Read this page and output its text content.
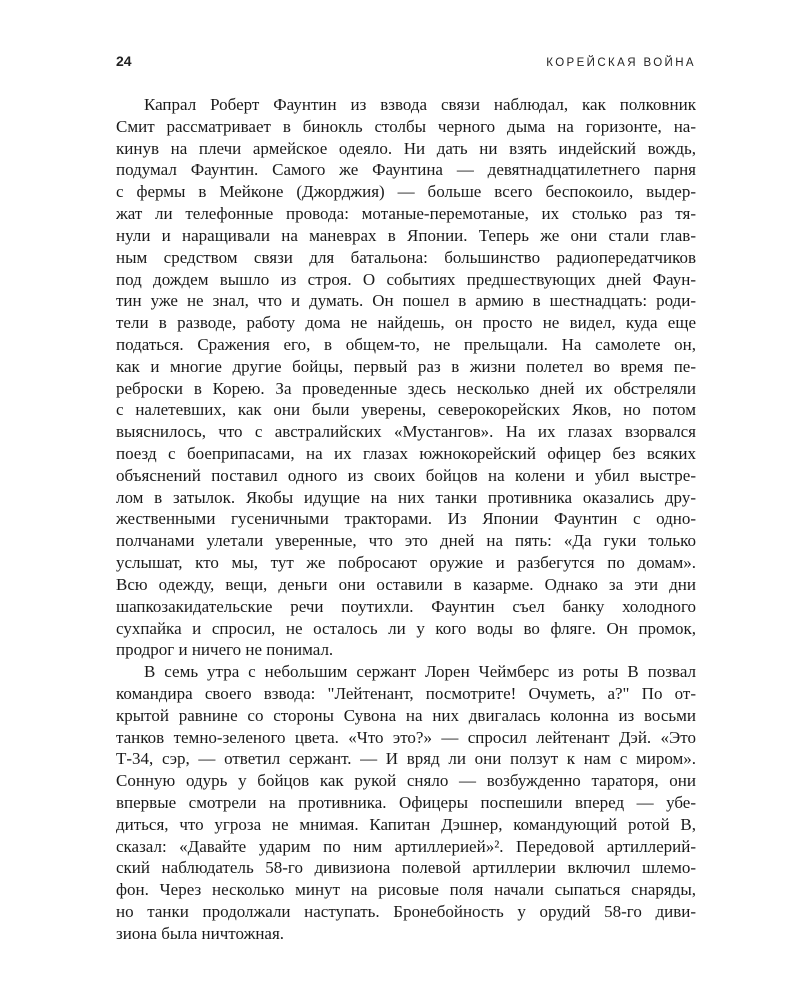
24	КОРЕЙСКАЯ ВОЙНА
Капрал Роберт Фаунтин из взвода связи наблюдал, как полковник
Смит рассматривает в бинокль столбы черного дыма на горизонте, на-
кинув на плечи армейское одеяло. Ни дать ни взять индейский вождь,
подумал Фаунтин. Самого же Фаунтина — девятнадцатилетнего парня
с фермы в Мейконе (Джорджия) — больше всего беспокоило, выдер-
жат ли телефонные провода: мотаные-перемотаные, их столько раз тя-
нули и наращивали на маневрах в Японии. Теперь же они стали глав-
ным средством связи для батальона: большинство радиопередатчиков
под дождем вышло из строя. О событиях предшествующих дней Фаун-
тин уже не знал, что и думать. Он пошел в армию в шестнадцать: роди-
тели в разводе, работу дома не найдешь, он просто не видел, куда еще
податься. Сражения его, в общем-то, не прельщали. На самолете он,
как и многие другие бойцы, первый раз в жизни полетел во время пе-
реброски в Корею. За проведенные здесь несколько дней их обстреляли
с налетевших, как они были уверены, северокорейских Яков, но потом
выяснилось, что с австралийских «Мустангов». На их глазах взорвался
поезд с боеприпасами, на их глазах южнокорейский офицер без всяких
объяснений поставил одного из своих бойцов на колени и убил выстре-
лом в затылок. Якобы идущие на них танки противника оказались дру-
жественными гусеничными тракторами. Из Японии Фаунтин с одно-
полчанами улетали уверенные, что это дней на пять: «Да гуки только
услышат, кто мы, тут же побросают оружие и разбегутся по домам».
Всю одежду, вещи, деньги они оставили в казарме. Однако за эти дни
шапкозакидательские речи поутихли. Фаунтин съел банку холодного
сухпайка и спросил, не осталось ли у кого воды во фляге. Он промок,
продрог и ничего не понимал.
В семь утра с небольшим сержант Лорен Чеймберс из роты B позвал
командира своего взвода: "Лейтенант, посмотрите! Очуметь, а?" По от-
крытой равнине со стороны Сувона на них двигалась колонна из восьми
танков темно-зеленого цвета. «Что это?» — спросил лейтенант Дэй. «Это
Т-34, сэр, — ответил сержант. — И вряд ли они ползут к нам с миром».
Сонную одурь у бойцов как рукой сняло — возбужденно тараторя, они
впервые смотрели на противника. Офицеры поспешили вперед — убе-
диться, что угроза не мнимая. Капитан Дэшнер, командующий ротой B,
сказал: «Давайте ударим по ним артиллерией»². Передовой артиллерий-
ский наблюдатель 58-го дивизиона полевой артиллерии включил шлемо-
фон. Через несколько минут на рисовые поля начали сыпаться снаряды,
но танки продолжали наступать. Бронебойность у орудий 58-го диви-
зиона была ничтожная.
